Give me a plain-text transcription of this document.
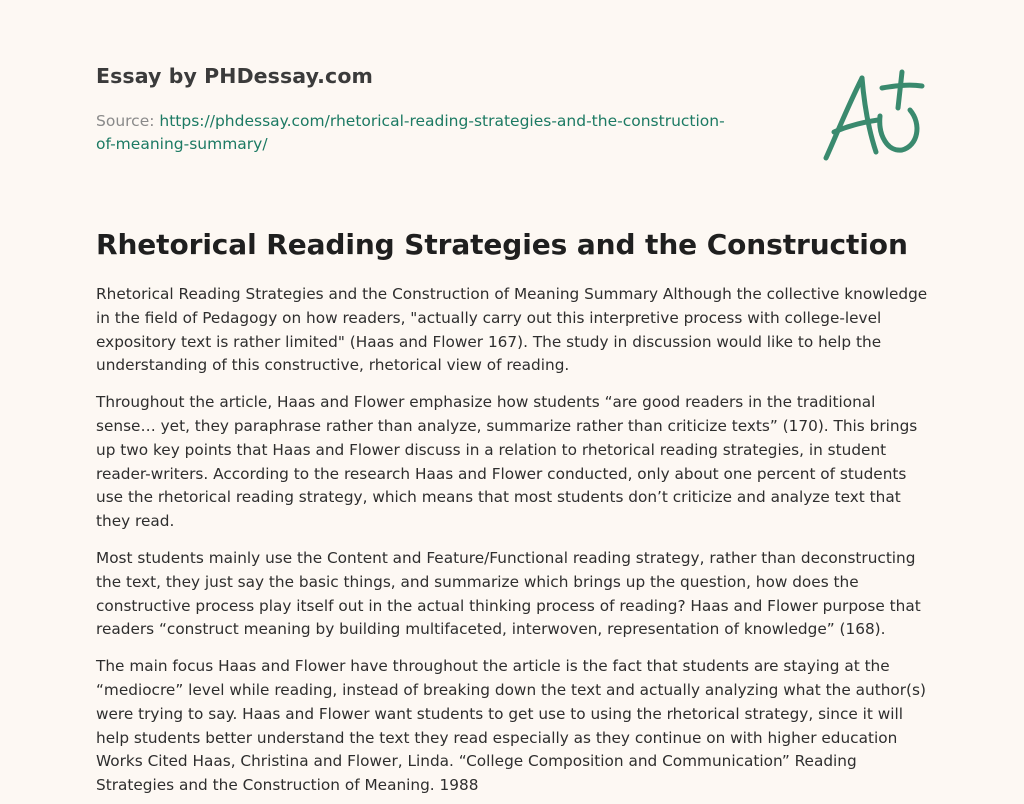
Essay by PHDessay.com
Source: https://phdessay.com/rhetorical-reading-strategies-and-the-construction-of-meaning-summary/
Rhetorical Reading Strategies and the Construction

Rhetorical Reading Strategies and the Construction of Meaning Summary Although the collective knowledge in the field of Pedagogy on how readers, "actually carry out this interpretive process with college-level expository text is rather limited" (Haas and Flower 167). The study in discussion would like to help the understanding of this constructive, rhetorical view of reading.

Throughout the article, Haas and Flower emphasize how students “are good readers in the traditional sense… yet, they paraphrase rather than analyze, summarize rather than criticize texts” (170). This brings up two key points that Haas and Flower discuss in a relation to rhetorical reading strategies, in student reader-writers. According to the research Haas and Flower conducted, only about one percent of students use the rhetorical reading strategy, which means that most students don’t criticize and analyze text that they read.

Most students mainly use the Content and Feature/Functional reading strategy, rather than deconstructing the text, they just say the basic things, and summarize which brings up the question, how does the constructive process play itself out in the actual thinking process of reading? Haas and Flower purpose that readers “construct meaning by building multifaceted, interwoven, representation of knowledge” (168).

The main focus Haas and Flower have throughout the article is the fact that students are staying at the “mediocre” level while reading, instead of breaking down the text and actually analyzing what the author(s) were trying to say. Haas and Flower want students to get use to using the rhetorical strategy, since it will help students better understand the text they read especially as they continue on with higher education Works Cited Haas, Christina and Flower, Linda. “College Composition and Communication” Reading Strategies and the Construction of Meaning. 1988
